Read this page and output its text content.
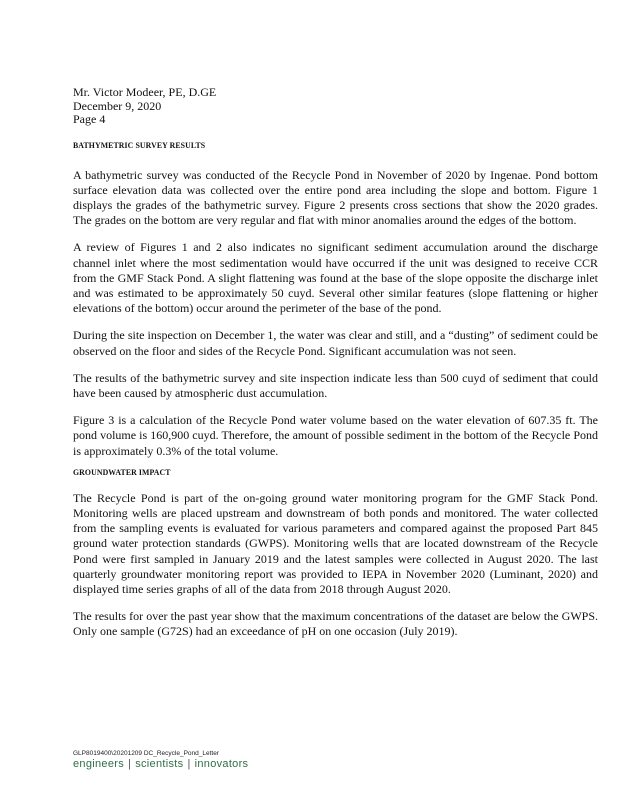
Mr. Victor Modeer, PE, D.GE
December 9, 2020
Page 4
BATHYMETRIC SURVEY RESULTS

A bathymetric survey was conducted of the Recycle Pond in November of 2020 by Ingenae. Pond bottom surface elevation data was collected over the entire pond area including the slope and bottom. Figure 1 displays the grades of the bathymetric survey. Figure 2 presents cross sections that show the 2020 grades. The grades on the bottom are very regular and flat with minor anomalies around the edges of the bottom.

A review of Figures 1 and 2 also indicates no significant sediment accumulation around the discharge channel inlet where the most sedimentation would have occurred if the unit was designed to receive CCR from the GMF Stack Pond. A slight flattening was found at the base of the slope opposite the discharge inlet and was estimated to be approximately 50 cuyd. Several other similar features (slope flattening or higher elevations of the bottom) occur around the perimeter of the base of the pond.

During the site inspection on December 1, the water was clear and still, and a “dusting” of sediment could be observed on the floor and sides of the Recycle Pond. Significant accumulation was not seen.

The results of the bathymetric survey and site inspection indicate less than 500 cuyd of sediment that could have been caused by atmospheric dust accumulation.

Figure 3 is a calculation of the Recycle Pond water volume based on the water elevation of 607.35 ft. The pond volume is 160,900 cuyd. Therefore, the amount of possible sediment in the bottom of the Recycle Pond is approximately 0.3% of the total volume.

GROUNDWATER IMPACT

The Recycle Pond is part of the on-going ground water monitoring program for the GMF Stack Pond. Monitoring wells are placed upstream and downstream of both ponds and monitored. The water collected from the sampling events is evaluated for various parameters and compared against the proposed Part 845 ground water protection standards (GWPS). Monitoring wells that are located downstream of the Recycle Pond were first sampled in January 2019 and the latest samples were collected in August 2020. The last quarterly groundwater monitoring report was provided to IEPA in November 2020 (Luminant, 2020) and displayed time series graphs of all of the data from 2018 through August 2020.

The results for over the past year show that the maximum concentrations of the dataset are below the GWPS. Only one sample (G72S) had an exceedance of pH on one occasion (July 2019).

GLP8019400\20201209 DC_Recycle_Pond_Letter
engineers | scientists | innovators
